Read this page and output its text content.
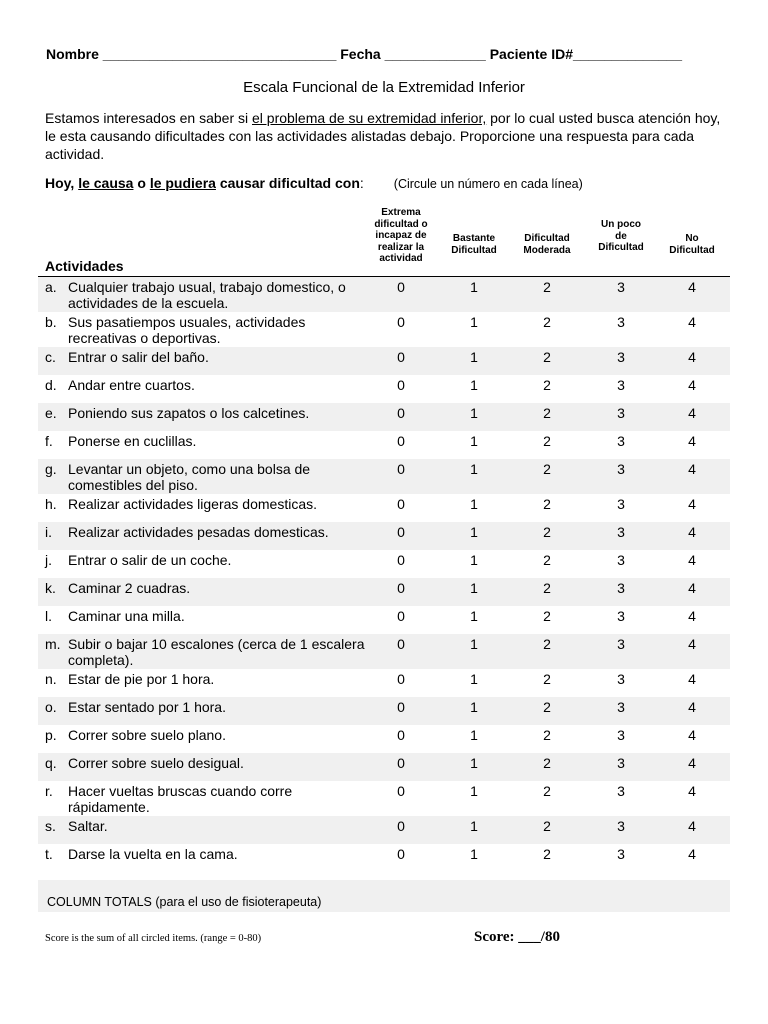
Nombre ______________________________ Fecha _____________ Paciente ID#______________
Escala Funcional de la Extremidad Inferior
Estamos interesados en saber si el problema de su extremidad inferior, por lo cual usted busca atención hoy, le esta causando dificultades con las actividades alistadas debajo. Proporcione una respuesta para cada actividad.
Hoy, le causa o le pudiera causar dificultad con: (Circule un número en cada línea)
Extrema
dificultad o
incapaz de
realizar la
actividad
Bastante
Dificultad
Dificultad
Moderada
Un poco
de
Dificultad
No
Dificultad
Actividades
a. Cualquier trabajo usual, trabajo domestico, o actividades de la escuela.
0	1	2	3	4
b. Sus pasatiempos usuales, actividades recreativas o deportivas.
0	1	2	3	4
c. Entrar o salir del baño.	0	1	2	3	4
d. Andar entre cuartos.	0	1	2	3	4
e. Poniendo sus zapatos o los calcetines.	0	1	2	3	4
f. Ponerse en cuclillas.	0	1	2	3	4
g. Levantar un objeto, como una bolsa de comestibles del piso.
0	1	2	3	4
h. Realizar actividades ligeras domesticas.	0	1	2	3	4
i. Realizar actividades pesadas domesticas.	0	1	2	3	4
j. Entrar o salir de un coche.	0	1	2	3	4
k. Caminar 2 cuadras.	0	1	2	3	4
l. Caminar una milla.	0	1	2	3	4
m. Subir o bajar 10 escalones (cerca de 1 escalera completa).
0	1	2	3	4
n. Estar de pie por 1 hora.	0	1	2	3	4
o. Estar sentado por 1 hora.	0	1	2	3	4
p. Correr sobre suelo plano.	0	1	2	3	4
q. Correr sobre suelo desigual.	0	1	2	3	4
r. Hacer vueltas bruscas cuando corre rápidamente.
0	1	2	3	4
s. Saltar.	0	1	2	3	4
t. Darse la vuelta en la cama.	0	1	2	3	4
COLUMN TOTALS (para el uso de fisioterapeuta)
Score is the sum of all circled items. (range = 0-80)	Score: ___/80
